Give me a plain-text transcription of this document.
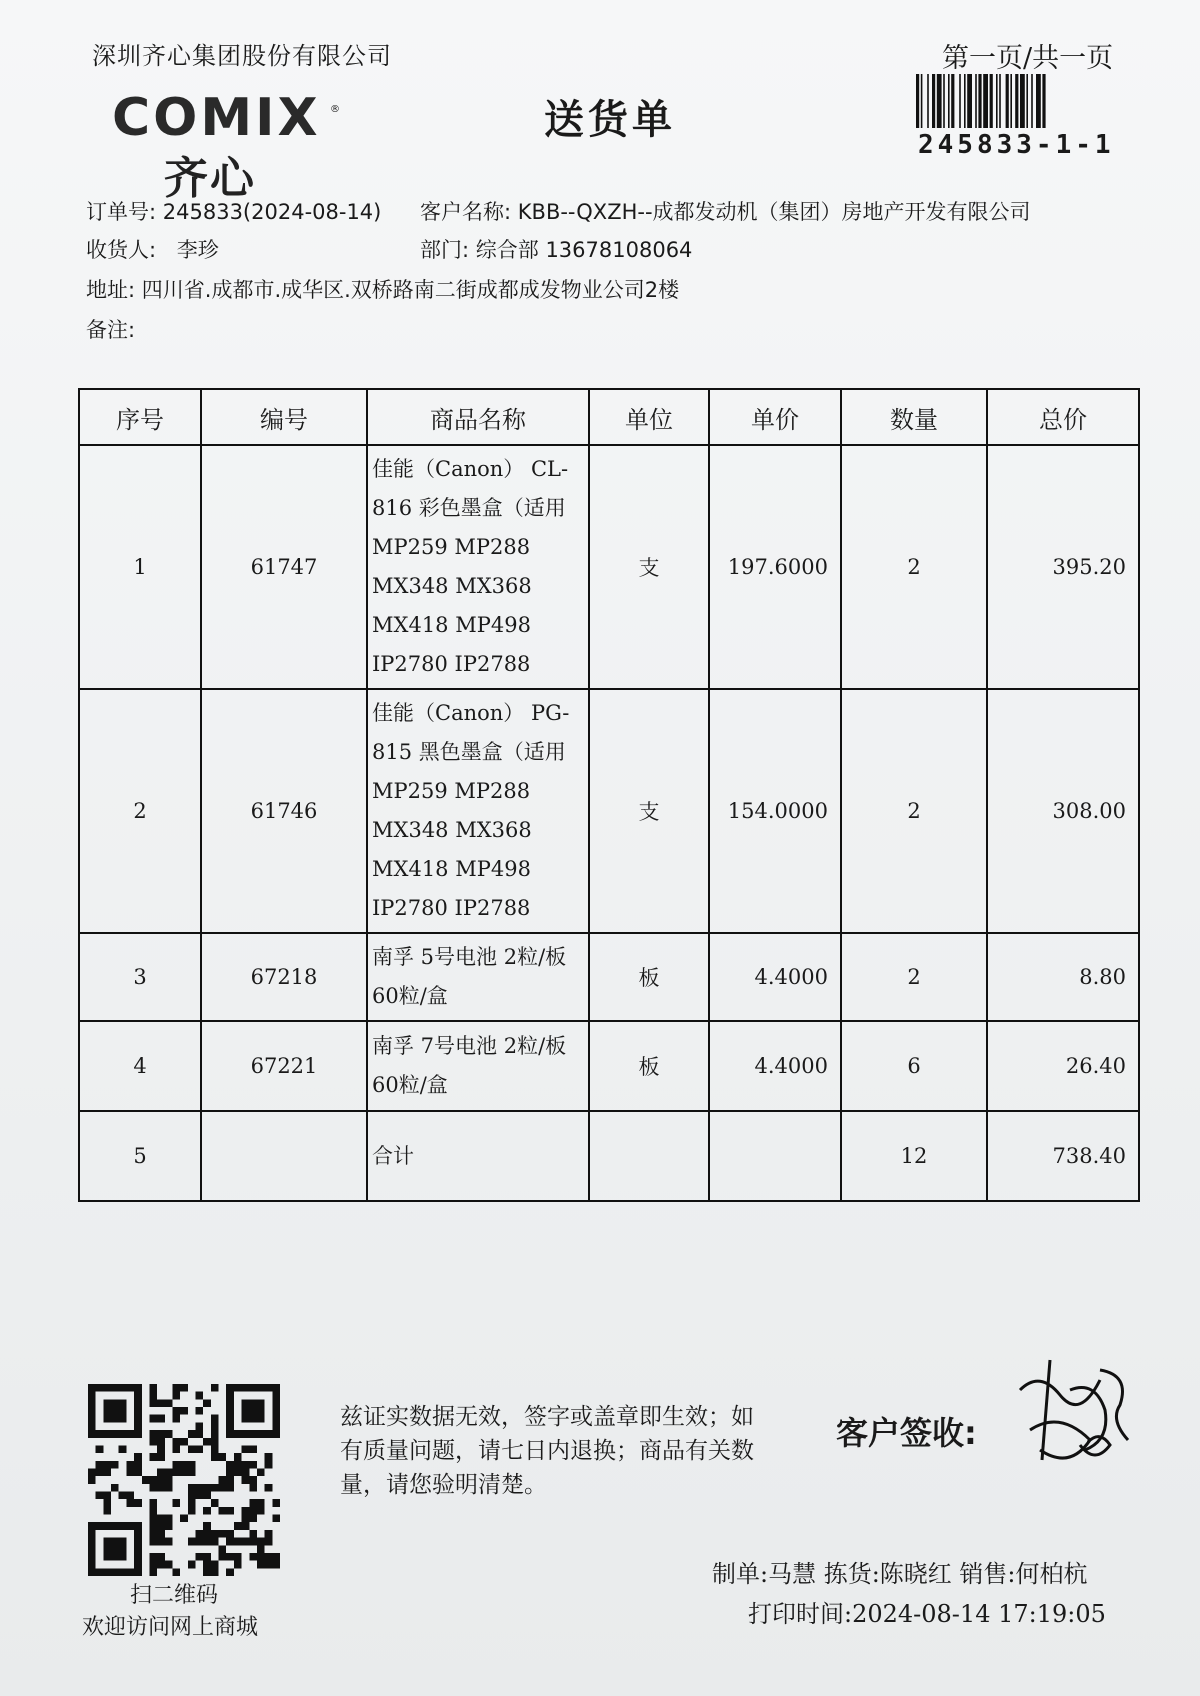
深圳齐心集团股份有限公司	第一页/共一页
COMIX ®
齐心
送货单
245833-1-1
订单号: 245833(2024-08-14) 客户名称: KBB--QXZH--成都发动机（集团）房地产开发有限公司
收货人: 李珍	部门: 综合部 13678108064
地址: 四川省.成都市.成华区.双桥路南二街成都成发物业公司2楼
备注:
序号	编号	商品名称	单位	单价	数量	总价
1	61747	佳能（Canon） CL-816 彩色墨盒（适用 MP259 MP288 MX348 MX368 MX418 MP498 IP2780 IP2788	支	197.6000	2	395.20
2	61746	佳能（Canon） PG-815 黑色墨盒（适用 MP259 MP288 MX348 MX368 MX418 MP498 IP2780 IP2788	支	154.0000	2	308.00
3	67218	南孚 5号电池 2粒/板 60粒/盒	板	4.4000	2	8.80
4	67221	南孚 7号电池 2粒/板 60粒/盒	板	4.4000	6	26.40
5		合计			12	738.40
扫二维码
欢迎访问网上商城
兹证实数据无效，签字或盖章即生效；如有质量问题，请七日内退换；商品有关数量，请您验明清楚。
客户签收:
制单:马慧 拣货:陈晓红 销售:何柏杭
打印时间:2024-08-14 17:19:05
